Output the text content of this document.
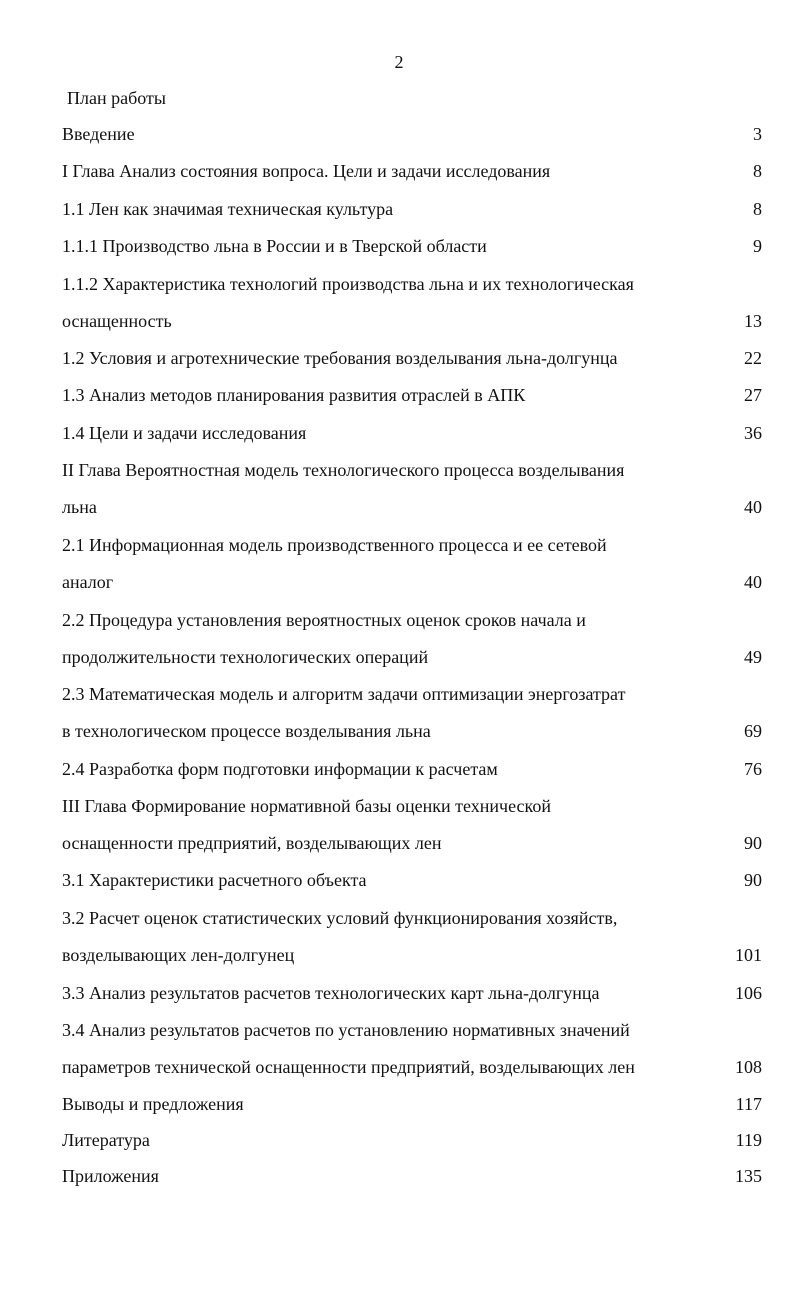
2
План работы
Введение	3
I Глава Анализ состояния вопроса. Цели и задачи исследования	8
1.1 Лен как значимая техническая культура	8
1.1.1 Производство льна в России и в Тверской области	9
1.1.2 Характеристика технологий производства льна и их технологическая
оснащенность	13
1.2 Условия и агротехнические требования возделывания льна-долгунца	22
1.3 Анализ методов планирования развития отраслей в АПК	27
1.4 Цели и задачи исследования	36
II Глава Вероятностная модель технологического процесса возделывания
льна	40
2.1 Информационная модель производственного процесса и ее сетевой
аналог	40
2.2 Процедура установления вероятностных оценок сроков начала и
продолжительности технологических операций	49
2.3 Математическая модель и алгоритм задачи оптимизации энергозатрат
в технологическом процессе возделывания льна	69
2.4 Разработка форм подготовки информации к расчетам	76
III Глава Формирование нормативной базы оценки технической
оснащенности предприятий, возделывающих лен	90
3.1 Характеристики расчетного объекта	90
3.2 Расчет оценок статистических условий функционирования хозяйств,
возделывающих лен-долгунец	101
3.3 Анализ результатов расчетов технологических карт льна-долгунца	106
3.4 Анализ результатов расчетов по установлению нормативных значений
параметров технической оснащенности предприятий, возделывающих лен	108
Выводы и предложения	117
Литература	119
Приложения	135
